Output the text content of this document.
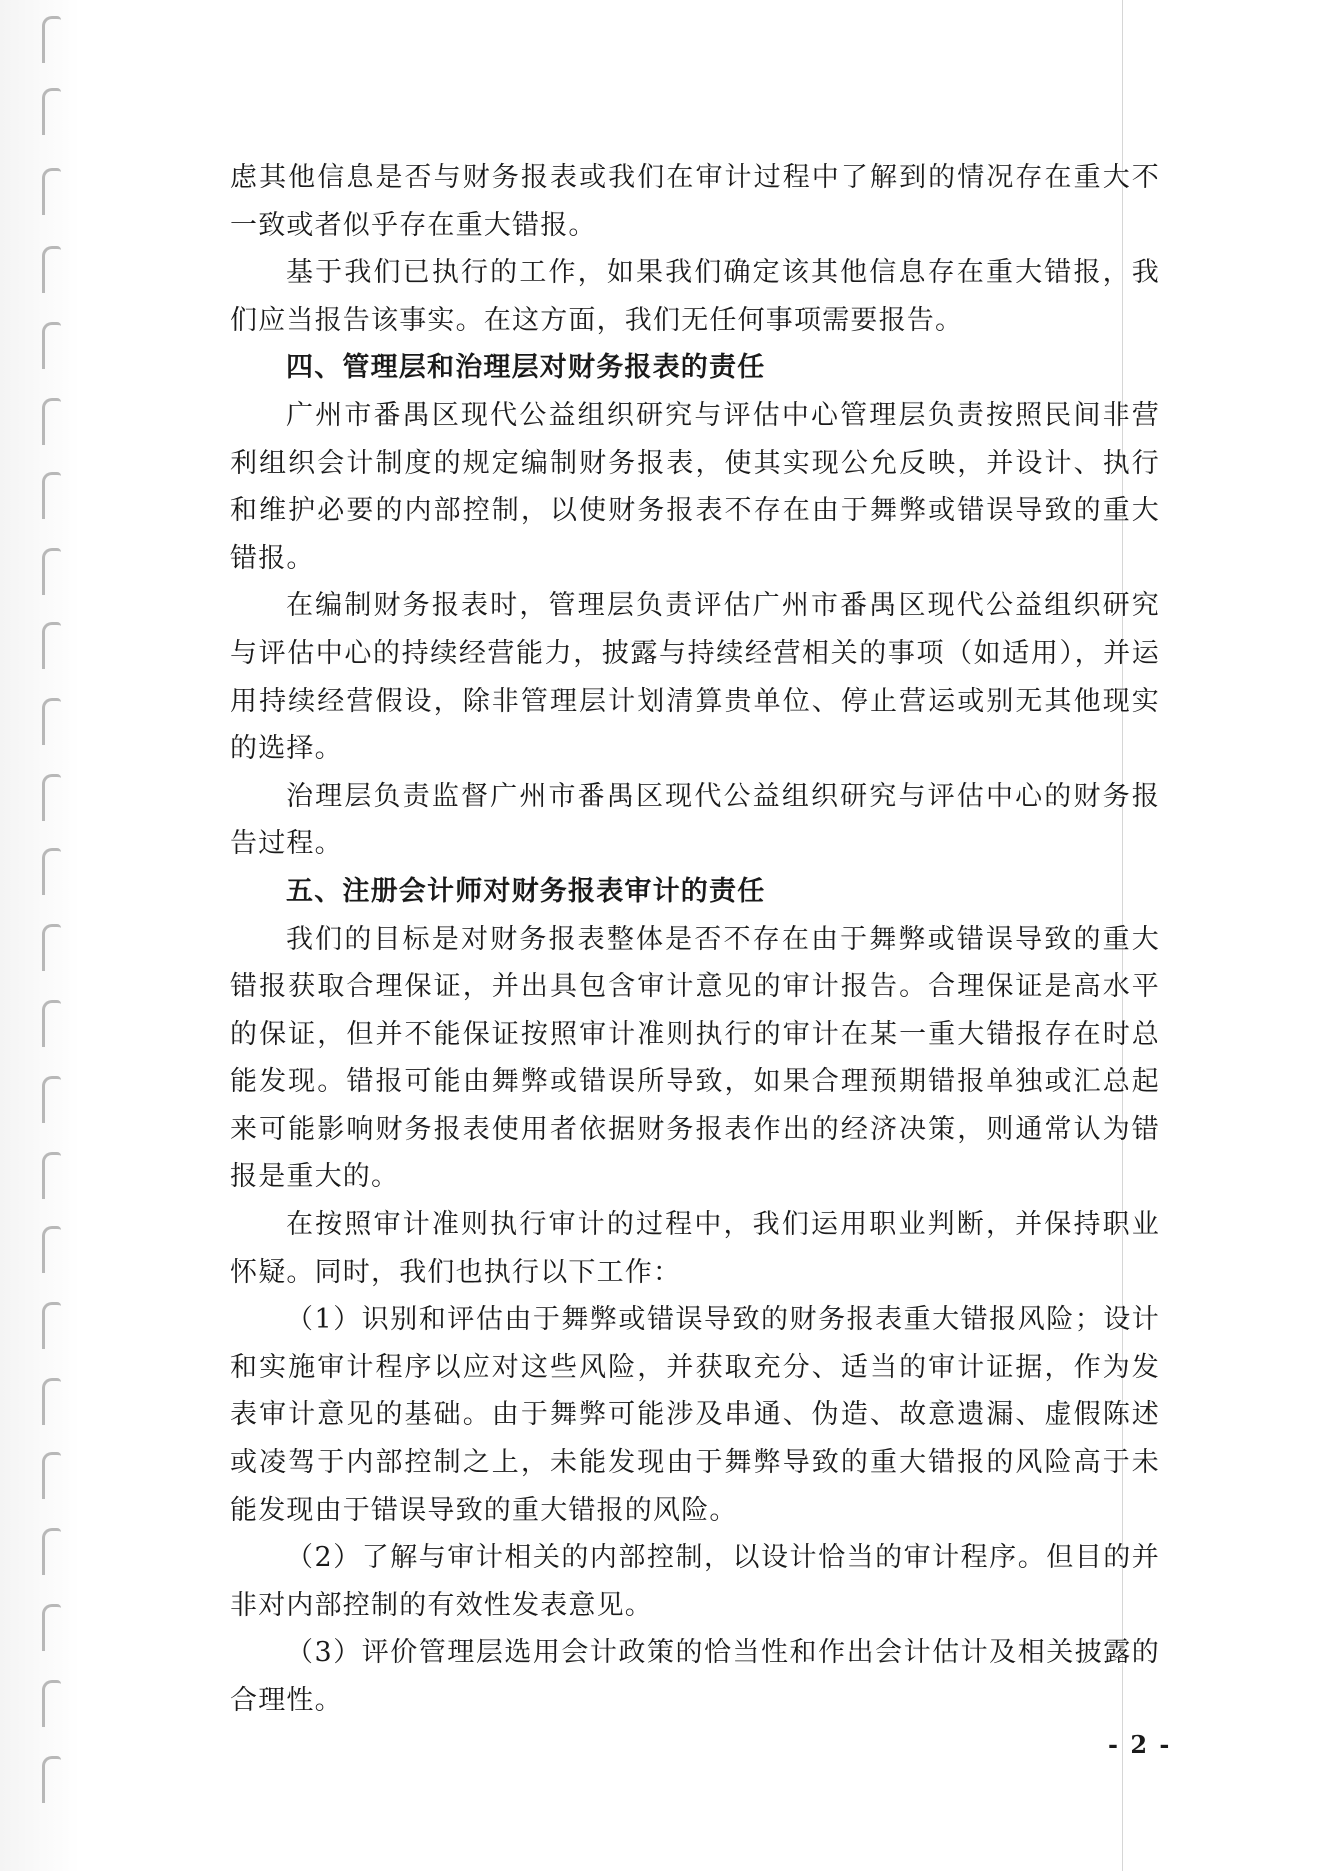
虑其他信息是否与财务报表或我们在审计过程中了解到的情况存在重大不一致或者似乎存在重大错报。

基于我们已执行的工作，如果我们确定该其他信息存在重大错报，我们应当报告该事实。在这方面，我们无任何事项需要报告。

四、管理层和治理层对财务报表的责任

广州市番禺区现代公益组织研究与评估中心管理层负责按照民间非营利组织会计制度的规定编制财务报表，使其实现公允反映，并设计、执行和维护必要的内部控制，以使财务报表不存在由于舞弊或错误导致的重大错报。

在编制财务报表时，管理层负责评估广州市番禺区现代公益组织研究与评估中心的持续经营能力，披露与持续经营相关的事项（如适用），并运用持续经营假设，除非管理层计划清算贵单位、停止营运或别无其他现实的选择。

治理层负责监督广州市番禺区现代公益组织研究与评估中心的财务报告过程。

五、注册会计师对财务报表审计的责任

我们的目标是对财务报表整体是否不存在由于舞弊或错误导致的重大错报获取合理保证，并出具包含审计意见的审计报告。合理保证是高水平的保证，但并不能保证按照审计准则执行的审计在某一重大错报存在时总能发现。错报可能由舞弊或错误所导致，如果合理预期错报单独或汇总起来可能影响财务报表使用者依据财务报表作出的经济决策，则通常认为错报是重大的。

在按照审计准则执行审计的过程中，我们运用职业判断，并保持职业怀疑。同时，我们也执行以下工作：

（1）识别和评估由于舞弊或错误导致的财务报表重大错报风险；设计和实施审计程序以应对这些风险，并获取充分、适当的审计证据，作为发表审计意见的基础。由于舞弊可能涉及串通、伪造、故意遗漏、虚假陈述或凌驾于内部控制之上，未能发现由于舞弊导致的重大错报的风险高于未能发现由于错误导致的重大错报的风险。

（2）了解与审计相关的内部控制，以设计恰当的审计程序。但目的并非对内部控制的有效性发表意见。

（3）评价管理层选用会计政策的恰当性和作出会计估计及相关披露的合理性。

- 2 -
